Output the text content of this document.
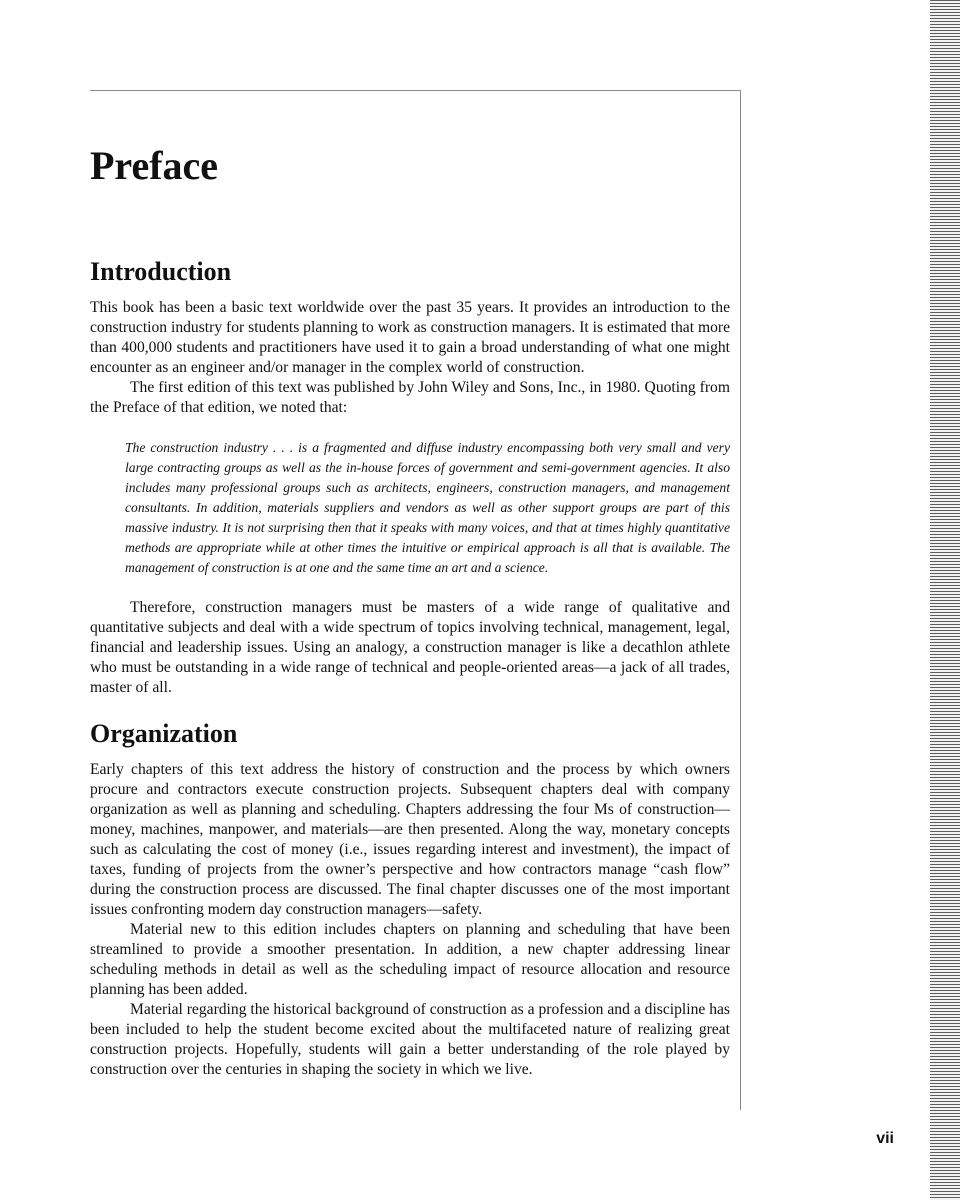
Preface
Introduction

This book has been a basic text worldwide over the past 35 years. It provides an introduction to the construction industry for students planning to work as construction managers. It is estimated that more than 400,000 students and practitioners have used it to gain a broad understanding of what one might encounter as an engineer and/or manager in the complex world of construction.

The first edition of this text was published by John Wiley and Sons, Inc., in 1980. Quoting from the Preface of that edition, we noted that:

The construction industry . . . is a fragmented and diffuse industry encompassing both very small and very large contracting groups as well as the in-house forces of government and semi-government agencies. It also includes many professional groups such as architects, engineers, construction managers, and management consultants. In addition, materials suppliers and vendors as well as other support groups are part of this massive industry. It is not surprising then that it speaks with many voices, and that at times highly quantitative methods are appropriate while at other times the intuitive or empirical approach is all that is available. The management of construction is at one and the same time an art and a science.

Therefore, construction managers must be masters of a wide range of qualitative and quantitative subjects and deal with a wide spectrum of topics involving technical, management, legal, financial and leadership issues. Using an analogy, a construction manager is like a decathlon athlete who must be outstanding in a wide range of technical and people-oriented areas—a jack of all trades, master of all.

Organization

Early chapters of this text address the history of construction and the process by which owners procure and contractors execute construction projects. Subsequent chapters deal with company organization as well as planning and scheduling. Chapters addressing the four Ms of construction—money, machines, manpower, and materials—are then presented. Along the way, monetary concepts such as calculating the cost of money (i.e., issues regarding interest and investment), the impact of taxes, funding of projects from the owner’s perspective and how contractors manage “cash flow” during the construction process are discussed. The final chapter discusses one of the most important issues confronting modern day construction managers—safety.

Material new to this edition includes chapters on planning and scheduling that have been streamlined to provide a smoother presentation. In addition, a new chapter addressing linear scheduling methods in detail as well as the scheduling impact of resource allocation and resource planning has been added.

Material regarding the historical background of construction as a profession and a discipline has been included to help the student become excited about the multifaceted nature of realizing great construction projects. Hopefully, students will gain a better understanding of the role played by construction over the centuries in shaping the society in which we live.

vii
